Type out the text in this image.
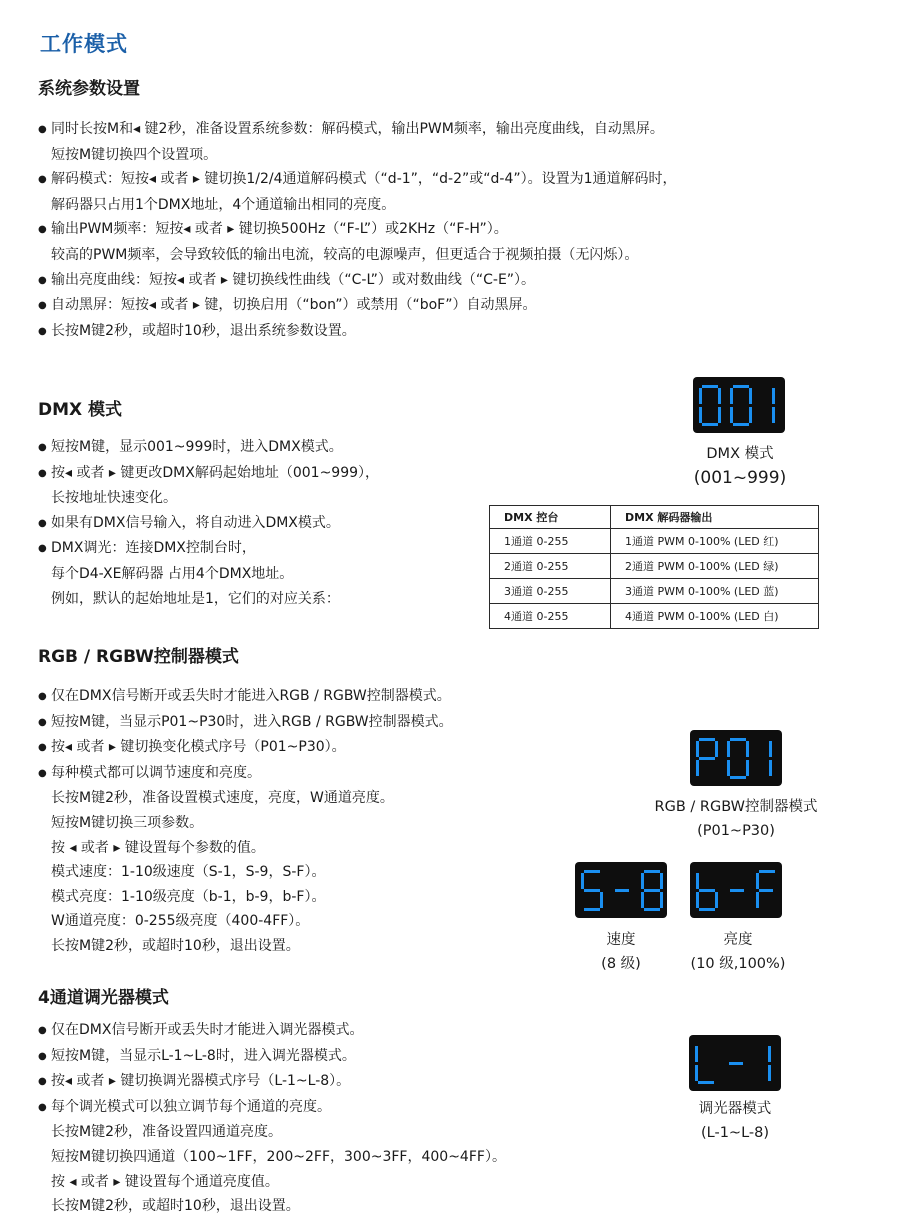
工作模式
系统参数设置
● 同时长按M和◂ 键2秒，准备设置系统参数：解码模式，输出PWM频率，输出亮度曲线，自动黑屏。
短按M键切换四个设置项。
● 解码模式：短按◂ 或者 ▸ 键切换1/2/4通道解码模式（“d-1”，“d-2”或“d-4”）。设置为1通道解码时，
解码器只占用1个DMX地址，4个通道输出相同的亮度。
● 输出PWM频率：短按◂ 或者 ▸ 键切换500Hz（“F-L”）或2KHz（“F-H”）。
较高的PWM频率，会导致较低的输出电流，较高的电源噪声，但更适合于视频拍摄（无闪烁）。
● 输出亮度曲线：短按◂ 或者 ▸ 键切换线性曲线（“C-L”）或对数曲线（“C-E”）。
● 自动黑屏：短按◂ 或者 ▸ 键，切换启用（“bon”）或禁用（“boF”）自动黑屏。
● 长按M键2秒，或超时10秒，退出系统参数设置。
DMX 模式
● 短按M键，显示001~999时，进入DMX模式。
● 按◂ 或者 ▸ 键更改DMX解码起始地址（001~999），
长按地址快速变化。
● 如果有DMX信号输入，将自动进入DMX模式。
● DMX调光：连接DMX控制台时，
每个D4-XE解码器 占用4个DMX地址。
例如，默认的起始地址是1，它们的对应关系：
DMX 模式
(001~999)
DMX 控台	DMX 解码器输出
1通道 0-255	1通道 PWM 0-100% (LED 红)
2通道 0-255	2通道 PWM 0-100% (LED 绿)
3通道 0-255	3通道 PWM 0-100% (LED 蓝)
4通道 0-255	4通道 PWM 0-100% (LED 白)
RGB / RGBW控制器模式
● 仅在DMX信号断开或丢失时才能进入RGB / RGBW控制器模式。
● 短按M键，当显示P01~P30时，进入RGB / RGBW控制器模式。
● 按◂ 或者 ▸ 键切换变化模式序号（P01~P30）。
● 每种模式都可以调节速度和亮度。
长按M键2秒，准备设置模式速度，亮度，W通道亮度。
短按M键切换三项参数。
按 ◂ 或者 ▸ 键设置每个参数的值。
模式速度：1-10级速度（S-1，S-9，S-F）。
模式亮度：1-10级亮度（b-1，b-9，b-F）。
W通道亮度：0-255级亮度（400-4FF）。
长按M键2秒，或超时10秒，退出设置。
RGB / RGBW控制器模式
(P01~P30)
速度
(8 级)
亮度
(10 级,100%)
4通道调光器模式
● 仅在DMX信号断开或丢失时才能进入调光器模式。
● 短按M键，当显示L-1~L-8时，进入调光器模式。
● 按◂ 或者 ▸ 键切换调光器模式序号（L-1~L-8）。
● 每个调光模式可以独立调节每个通道的亮度。
长按M键2秒，准备设置四通道亮度。
短按M键切换四通道（100~1FF，200~2FF，300~3FF，400~4FF）。
按 ◂ 或者 ▸ 键设置每个通道亮度值。
长按M键2秒，或超时10秒，退出设置。
调光器模式
(L-1~L-8)
